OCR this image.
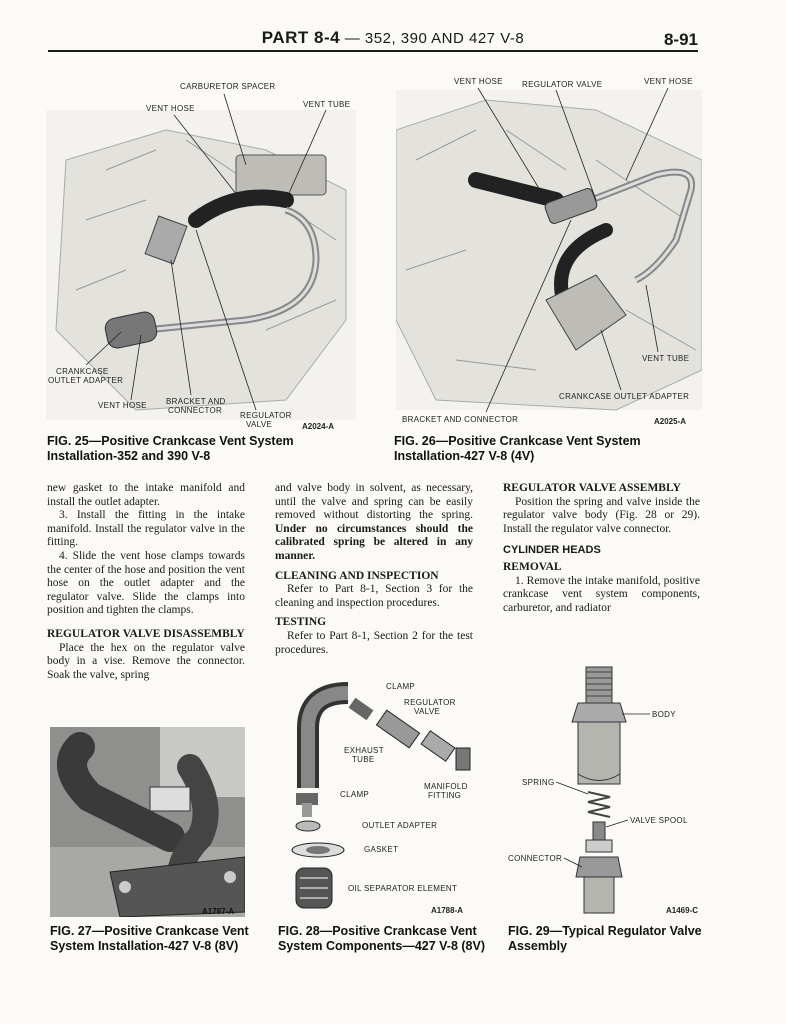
PART 8-4 — 352, 390 AND 427 V-8	8-91
CARBURETOR SPACER
VENT HOSE	VENT TUBE
CRANKCASE
OUTLET ADAPTER
VENT HOSE BRACKET AND
CONNECTOR
REGULATOR
VALVE	A2024-A
FIG. 25—Positive Crankcase Vent System Installation-352 and 390 V-8
VENT HOSE REGULATOR VALVE	VENT HOSE
VENT TUBE
CRANKCASE OUTLET ADAPTER
BRACKET AND CONNECTOR	A2025-A
FIG. 26—Positive Crankcase Vent System Installation-427 V-8 (4V)

new gasket to the intake manifold and install the outlet adapter.

3. Install the fitting in the intake manifold. Install the regulator valve in the fitting.

4. Slide the vent hose clamps towards the center of the hose and position the vent hose on the outlet adapter and the regulator valve. Slide the clamps into position and tighten the clamps.

REGULATOR VALVE DISASSEMBLY

Place the hex on the regulator valve body in a vise. Remove the connector. Soak the valve, spring

and valve body in solvent, as necessary, until the valve and spring can be easily removed without distorting the spring. Under no circumstances should the calibrated spring be altered in any manner.

CLEANING AND INSPECTION

Refer to Part 8-1, Section 3 for the cleaning and inspection procedures.

TESTING

Refer to Part 8-1, Section 2 for the test procedures.

REGULATOR VALVE ASSEMBLY

Position the spring and valve inside the regulator valve body (Fig. 28 or 29). Install the regulator valve connector.

CYLINDER HEADS

REMOVAL

1. Remove the intake manifold, positive crankcase vent system components, carburetor, and radiator

A1787-A
FIG. 27—Positive Crankcase Vent System Installation-427 V-8 (8V)
CLAMP
REGULATOR
VALVE
EXHAUST
TUBE
MANIFOLD
FITTING
CLAMP
OUTLET ADAPTER
GASKET
OIL SEPARATOR ELEMENT
A1788-A
FIG. 28—Positive Crankcase Vent System Components—427 V-8 (8V)
BODY
SPRING
VALVE SPOOL
CONNECTOR
A1469-C
FIG. 29—Typical Regulator Valve Assembly
